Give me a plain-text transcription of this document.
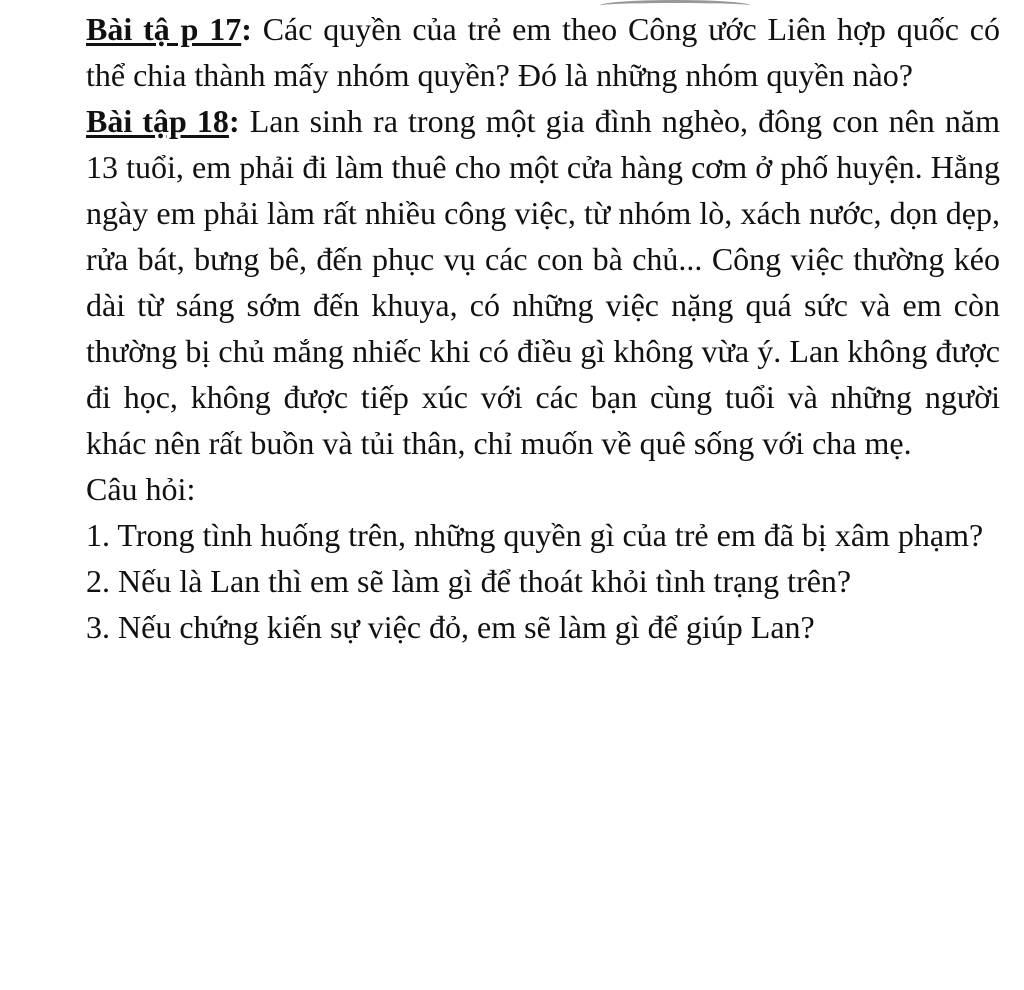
Bài tậ p 17: Các quyền của trẻ em theo Công ước Liên hợp quốc có thể chia thành mấy nhóm quyền? Đó là những nhóm quyền nào?

Bài tập 18: Lan sinh ra trong một gia đình nghèo, đông con nên năm 13 tuổi, em phải đi làm thuê cho một cửa hàng cơm ở phố huyện. Hằng ngày em phải làm rất nhiều công việc, từ nhóm lò, xách nước, dọn dẹp, rửa bát, bưng bê, đến phục vụ các con bà chủ... Công việc thường kéo dài từ sáng sớm đến khuya, có những việc nặng quá sức và em còn thường bị chủ mắng nhiếc khi có điều gì không vừa ý. Lan không được đi học, không được tiếp xúc với các bạn cùng tuổi và những người khác nên rất buồn và tủi thân, chỉ muốn về quê sống với cha mẹ.

Câu hỏi:

1. Trong tình huống trên, những quyền gì của trẻ em đã bị xâm phạm?

2. Nếu là Lan thì em sẽ làm gì để thoát khỏi tình trạng trên?

3. Nếu chứng kiến sự việc đỏ, em sẽ làm gì để giúp Lan?
